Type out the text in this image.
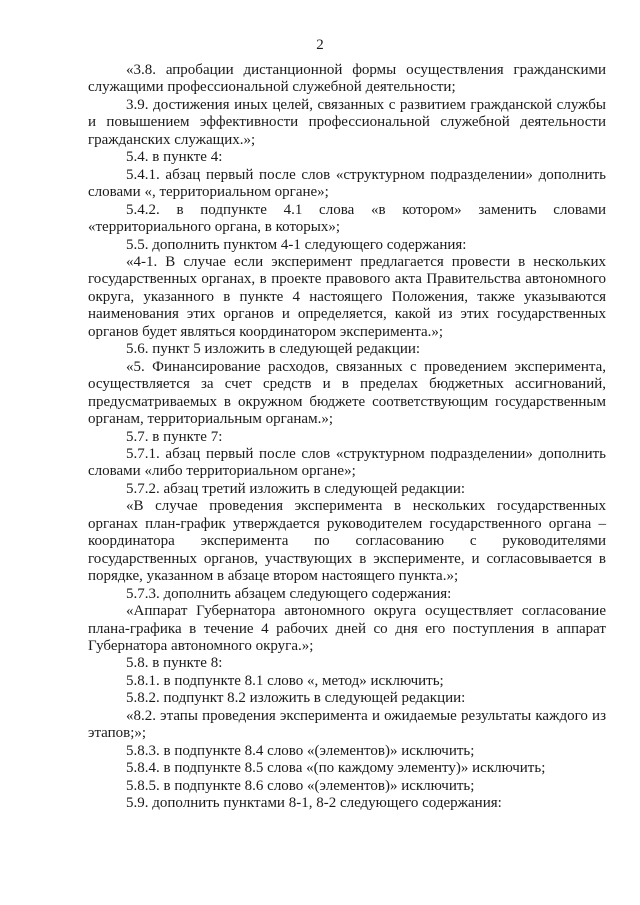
2

«3.8. апробации дистанционной формы осуществления гражданскими служащими профессиональной служебной деятельности;

3.9. достижения иных целей, связанных с развитием гражданской службы и повышением эффективности профессиональной служебной деятельности гражданских служащих.»;

5.4. в пункте 4:

5.4.1. абзац первый после слов «структурном подразделении» дополнить словами «, территориальном органе»;

5.4.2. в подпункте 4.1 слова «в котором» заменить словами «территориального органа, в которых»;

5.5. дополнить пунктом 4-1 следующего содержания:

«4-1. В случае если эксперимент предлагается провести в нескольких государственных органах, в проекте правового акта Правительства автономного округа, указанного в пункте 4 настоящего Положения, также указываются наименования этих органов и определяется, какой из этих государственных органов будет являться координатором эксперимента.»;

5.6. пункт 5 изложить в следующей редакции:

«5. Финансирование расходов, связанных с проведением эксперимента, осуществляется за счет средств и в пределах бюджетных ассигнований, предусматриваемых в окружном бюджете соответствующим государственным органам, территориальным органам.»;

5.7. в пункте 7:

5.7.1. абзац первый после слов «структурном подразделении» дополнить словами «либо территориальном органе»;

5.7.2. абзац третий изложить в следующей редакции:

«В случае проведения эксперимента в нескольких государственных органах план-график утверждается руководителем государственного органа – координатора эксперимента по согласованию с руководителями государственных органов, участвующих в эксперименте, и согласовывается в порядке, указанном в абзаце втором настоящего пункта.»;

5.7.3. дополнить абзацем следующего содержания:

«Аппарат Губернатора автономного округа осуществляет согласование плана-графика в течение 4 рабочих дней со дня его поступления в аппарат Губернатора автономного округа.»;

5.8. в пункте 8:

5.8.1. в подпункте 8.1 слово «, метод» исключить;

5.8.2. подпункт 8.2 изложить в следующей редакции:

«8.2. этапы проведения эксперимента и ожидаемые результаты каждого из этапов;»;

5.8.3. в подпункте 8.4 слово «(элементов)» исключить;

5.8.4. в подпункте 8.5 слова «(по каждому элементу)» исключить;

5.8.5. в подпункте 8.6 слово «(элементов)» исключить;

5.9. дополнить пунктами 8-1, 8-2 следующего содержания:
